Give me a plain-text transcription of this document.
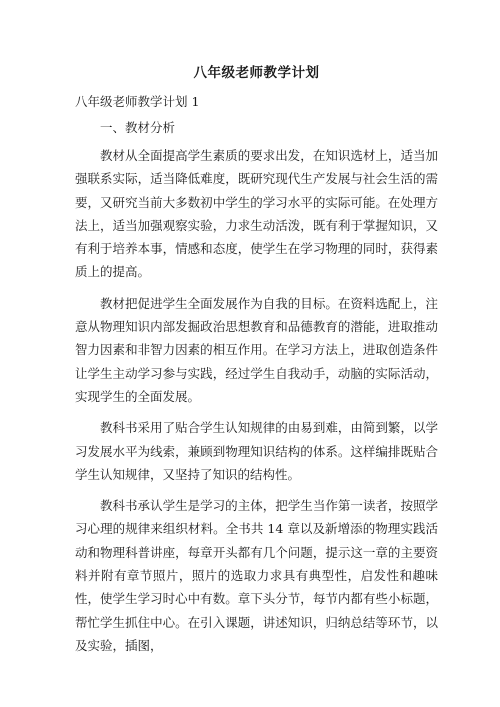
八年级老师教学计划
八年级老师教学计划 1
一、教材分析

教材从全面提高学生素质的要求出发，在知识选材上，适当加强联系实际，适当降低难度，既研究现代生产发展与社会生活的需要，又研究当前大多数初中学生的学习水平的实际可能。在处理方法上，适当加强观察实验，力求生动活泼，既有利于掌握知识，又有利于培养本事，情感和态度，使学生在学习物理的同时，获得素质上的提高。

教材把促进学生全面发展作为自我的目标。在资料选配上，注意从物理知识内部发掘政治思想教育和品德教育的潜能，进取推动智力因素和非智力因素的相互作用。在学习方法上，进取创造条件让学生主动学习参与实践，经过学生自我动手，动脑的实际活动，实现学生的全面发展。

教科书采用了贴合学生认知规律的由易到难，由简到繁，以学习发展水平为线索，兼顾到物理知识结构的体系。这样编排既贴合学生认知规律，又坚持了知识的结构性。

教科书承认学生是学习的主体，把学生当作第一读者，按照学习心理的规律来组织材料。全书共 14 章以及新增添的物理实践活动和物理科普讲座，每章开头都有几个问题，提示这一章的主要资料并附有章节照片，照片的选取力求具有典型性，启发性和趣味性，使学生学习时心中有数。章下头分节，每节内都有些小标题，帮忙学生抓住中心。在引入课题，讲述知识，归纳总结等环节，以及实验，插图，
